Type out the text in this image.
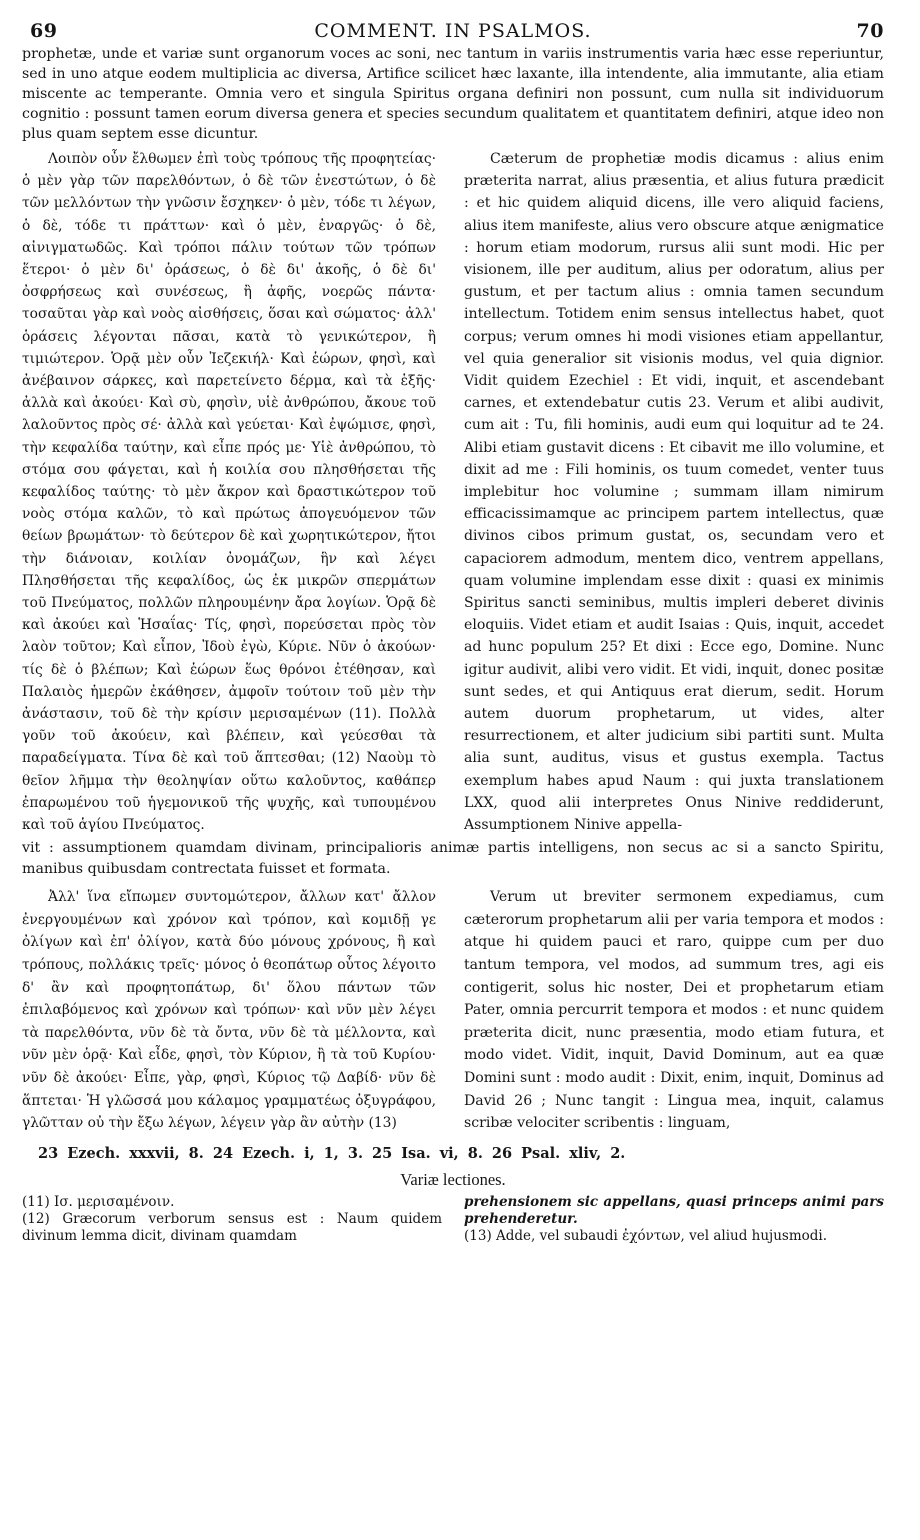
69	COMMENT. IN PSALMOS.	70

prophetæ, unde et variæ sunt organorum voces ac soni, nec tantum in variis instrumentis varia hæc esse reperiuntur, sed in uno atque eodem multiplicia ac diversa, Artifice scilicet hæc laxante, illa intendente, alia immutante, alia etiam miscente ac temperante. Omnia vero et singula Spiritus organa definiri non possunt, cum nulla sit individuorum cognitio : possunt tamen eorum diversa genera et species secundum qualitatem et quantitatem definiri, atque ideo non plus quam septem esse dicuntur.

Λοιπὸν οὖν ἔλθωμεν ἐπὶ τοὺς τρόπους τῆς προφητείας· ὁ μὲν γὰρ τῶν παρελθόντων, ὁ δὲ τῶν ἐνεστώτων, ὁ δὲ τῶν μελλόντων τὴν γνῶσιν ἔσχηκεν· ὁ μὲν, τόδε τι λέγων, ὁ δὲ, τόδε τι πράττων· καὶ ὁ μὲν, ἐναργῶς· ὁ δὲ, αἰνιγματωδῶς. Καὶ τρόποι πάλιν τούτων τῶν τρόπων ἕτεροι· ὁ μὲν δι' ὁράσεως, ὁ δὲ δι' ἀκοῆς, ὁ δὲ δι' ὀσφρήσεως καὶ συνέσεως, ἢ ἁφῆς, νοερῶς πάντα· τοσαῦται γὰρ καὶ νοὸς αἰσθήσεις, ὅσαι καὶ σώματος· ἀλλ' ὁράσεις λέγονται πᾶσαι, κατὰ τὸ γενικώτερον, ἢ τιμιώτερον. Ὁρᾷ μὲν οὖν Ἰεζεκιήλ· Καὶ ἑώρων, φησὶ, καὶ ἀνέβαινον σάρκες, καὶ παρετείνετο δέρμα, καὶ τὰ ἑξῆς· ἀλλὰ καὶ ἀκούει· Καὶ σὺ, φησὶν, υἱὲ ἀνθρώπου, ἄκουε τοῦ λαλοῦντος πρὸς σέ· ἀλλὰ καὶ γεύεται· Καὶ ἐψώμισε, φησὶ, τὴν κεφαλίδα ταύτην, καὶ εἶπε πρός με· Υἱὲ ἀνθρώπου, τὸ στόμα σου φάγεται, καὶ ἡ κοιλία σου πλησθήσεται τῆς κεφαλίδος ταύτης· τὸ μὲν ἄκρον καὶ δραστικώτερον τοῦ νοὸς στόμα καλῶν, τὸ καὶ πρώτως ἀπογευόμενον τῶν θείων βρωμάτων· τὸ δεύτερον δὲ καὶ χωρητικώτερον, ἤτοι τὴν διάνοιαν, κοιλίαν ὀνομάζων, ἣν καὶ λέγει Πλησθήσεται τῆς κεφαλίδος, ὡς ἐκ μικρῶν σπερμάτων τοῦ Πνεύματος, πολλῶν πληρουμένην ἄρα λογίων. Ὁρᾷ δὲ καὶ ἀκούει καὶ Ἡσαΐας· Τίς, φησὶ, πορεύσεται πρὸς τὸν λαὸν τοῦτον; Καὶ εἶπον, Ἰδοὺ ἐγὼ, Κύριε. Νῦν ὁ ἀκούων· τίς δὲ ὁ βλέπων; Καὶ ἑώρων ἕως θρόνοι ἐτέθησαν, καὶ Παλαιὸς ἡμερῶν ἐκάθησεν, ἀμφοῖν τούτοιν τοῦ μὲν τὴν ἀνάστασιν, τοῦ δὲ τὴν κρίσιν μερισαμένων (11). Πολλὰ γοῦν τοῦ ἀκούειν, καὶ βλέπειν, καὶ γεύεσθαι τὰ παραδείγματα. Τίνα δὲ καὶ τοῦ ἅπτεσθαι; (12) Ναοὺμ τὸ θεῖον λῆμμα τὴν θεοληψίαν οὕτω καλοῦντος, καθάπερ ἐπαρωμένου τοῦ ἡγεμονικοῦ τῆς ψυχῆς, καὶ τυπουμένου καὶ τοῦ ἁγίου Πνεύματος.

Cæterum de prophetiæ modis dicamus : alius enim præterita narrat, alius præsentia, et alius futura prædicit : et hic quidem aliquid dicens, ille vero aliquid faciens, alius item manifeste, alius vero obscure atque ænigmatice : horum etiam modorum, rursus alii sunt modi. Hic per visionem, ille per auditum, alius per odoratum, alius per gustum, et per tactum alius : omnia tamen secundum intellectum. Totidem enim sensus intellectus habet, quot corpus; verum omnes hi modi visiones etiam appellantur, vel quia generalior sit visionis modus, vel quia dignior. Vidit quidem Ezechiel : Et vidi, inquit, et ascendebant carnes, et extendebatur cutis 23. Verum et alibi audivit, cum ait : Tu, fili hominis, audi eum qui loquitur ad te 24. Alibi etiam gustavit dicens : Et cibavit me illo volumine, et dixit ad me : Fili hominis, os tuum comedet, venter tuus implebitur hoc volumine ; summam illam nimirum efficacissimamque ac principem partem intellectus, quæ divinos cibos primum gustat, os, secundam vero et capaciorem admodum, mentem dico, ventrem appellans, quam volumine implendam esse dixit : quasi ex minimis Spiritus sancti seminibus, multis impleri deberet divinis eloquiis. Videt etiam et audit Isaias : Quis, inquit, accedet ad hunc populum 25? Et dixi : Ecce ego, Domine. Nunc igitur audivit, alibi vero vidit. Et vidi, inquit, donec positæ sunt sedes, et qui Antiquus erat dierum, sedit. Horum autem duorum prophetarum, ut vides, alter resurrectionem, et alter judicium sibi partiti sunt. Multa alia sunt, auditus, visus et gustus exempla. Tactus exemplum habes apud Naum : qui juxta translationem LXX, quod alii interpretes Onus Ninive reddiderunt, Assumptionem Ninive appella-

vit : assumptionem quamdam divinam, principalioris animæ partis intelligens, non secus ac si a sancto Spiritu, manibus quibusdam contrectata fuisset et formata.

Ἀλλ' ἵνα εἴπωμεν συντομώτερον, ἄλλων κατ' ἄλλον ἐνεργουμένων καὶ χρόνον καὶ τρόπον, καὶ κομιδῇ γε ὀλίγων καὶ ἐπ' ὀλίγον, κατὰ δύο μόνους χρόνους, ἢ καὶ τρόπους, πολλάκις τρεῖς· μόνος ὁ θεοπάτωρ οὗτος λέγοιτο δ' ἂν καὶ προφητοπάτωρ, δι' ὅλου πάντων τῶν ἐπιλαβόμενος καὶ χρόνων καὶ τρόπων· καὶ νῦν μὲν λέγει τὰ παρελθόντα, νῦν δὲ τὰ ὄντα, νῦν δὲ τὰ μέλλοντα, καὶ νῦν μὲν ὁρᾷ· Καὶ εἶδε, φησὶ, τὸν Κύριον, ἢ τὰ τοῦ Κυρίου· νῦν δὲ ἀκούει· Εἶπε, γὰρ, φησὶ, Κύριος τῷ Δαβίδ· νῦν δὲ ἅπτεται· Ἡ γλῶσσά μου κάλαμος γραμματέως ὀξυγράφου, γλῶτταν οὐ τὴν ἔξω λέγων, λέγειν γὰρ ἂν αὐτὴν (13)

Verum ut breviter sermonem expediamus, cum cæterorum prophetarum alii per varia tempora et modos : atque hi quidem pauci et raro, quippe cum per duo tantum tempora, vel modos, ad summum tres, agi eis contigerit, solus hic noster, Dei et prophetarum etiam Pater, omnia percurrit tempora et modos : et nunc quidem præterita dicit, nunc præsentia, modo etiam futura, et modo videt. Vidit, inquit, David Dominum, aut ea quæ Domini sunt : modo audit : Dixit, enim, inquit, Dominus ad David 26 ; Nunc tangit : Lingua mea, inquit, calamus scribæ velociter scribentis : linguam,

23 Ezech. xxxvii, 8. 24 Ezech. i, 1, 3. 25 Isa. vi, 8. 26 Psal. xliv, 2.
Variæ lectiones.

(11) Ισ. μερισαμένοιν.

(12) Græcorum verborum sensus est : Naum quidem divinum lemma dicit, divinam quamdam

prehensionem sic appellans, quasi princeps animi pars prehenderetur.

(13) Adde, vel subaudi ἐχόντων, vel aliud hujusmodi.
